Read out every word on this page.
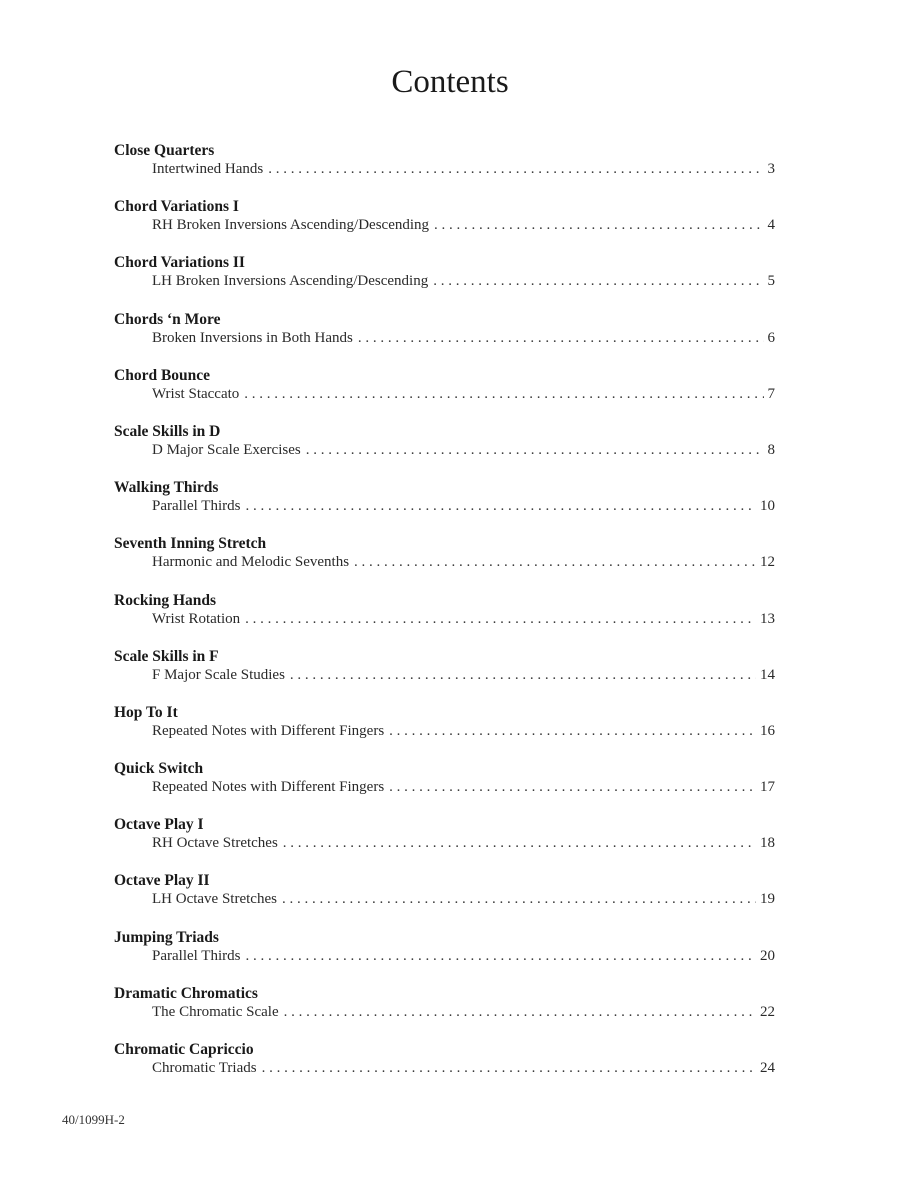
Contents
Close Quarters
Intertwined Hands . . .	3
Chord Variations I
RH Broken Inversions Ascending/Descending . . .	4
Chord Variations II
LH Broken Inversions Ascending/Descending . . .	5
Chords ‘n More
Broken Inversions in Both Hands . . .	6
Chord Bounce
Wrist Staccato . . .	7
Scale Skills in D
D Major Scale Exercises . . .	8
Walking Thirds
Parallel Thirds . . .	10
Seventh Inning Stretch
Harmonic and Melodic Sevenths . . .	12
Rocking Hands
Wrist Rotation . . .	13
Scale Skills in F
F Major Scale Studies . . .	14
Hop To It
Repeated Notes with Different Fingers . . .	16
Quick Switch
Repeated Notes with Different Fingers . . .	17
Octave Play I
RH Octave Stretches . . .	18
Octave Play II
LH Octave Stretches . . .	19
Jumping Triads
Parallel Thirds . . .	20
Dramatic Chromatics
The Chromatic Scale . . .	22
Chromatic Capriccio
Chromatic Triads . . .	24
40/1099H-2
